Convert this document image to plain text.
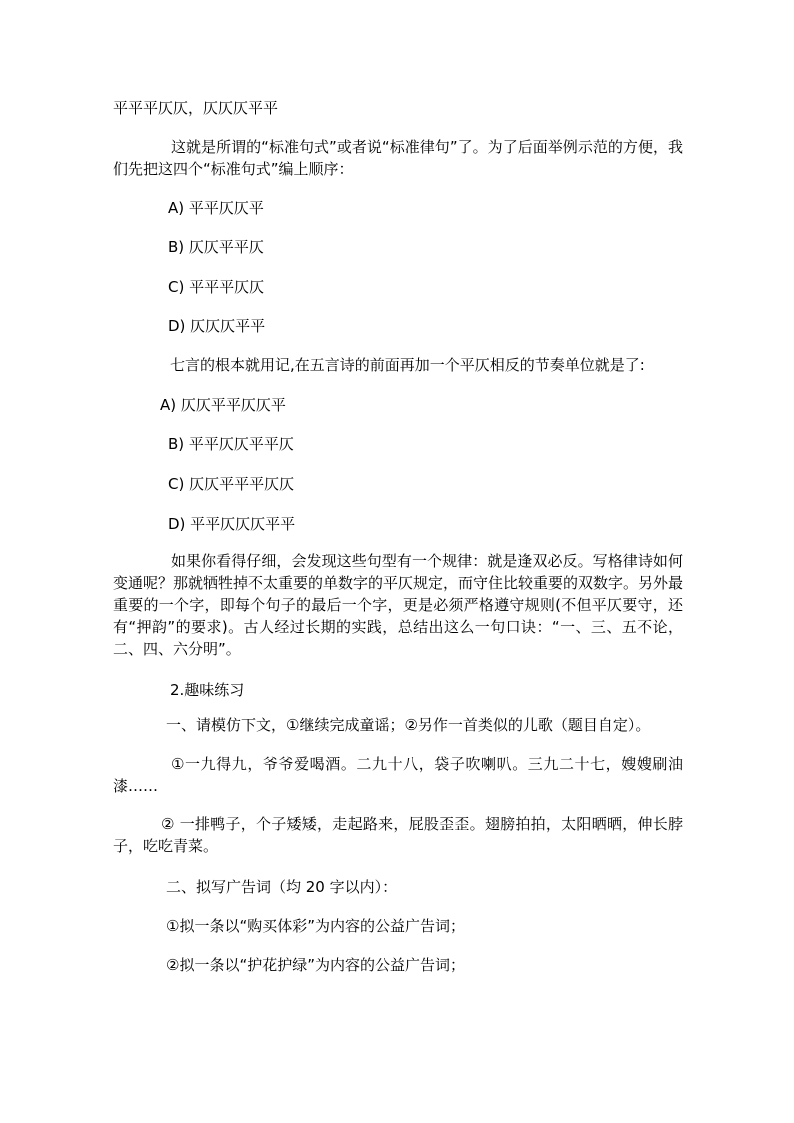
平平平仄仄，仄仄仄平平

这就是所谓的“标准句式”或者说“标准律句”了。为了后面举例示范的方便，我们先把这四个“标准句式”编上顺序：

A) 平平仄仄平

B) 仄仄平平仄

C) 平平平仄仄

D) 仄仄仄平平

七言的根本就用记,在五言诗的前面再加一个平仄相反的节奏单位就是了:

A) 仄仄平平仄仄平

B) 平平仄仄平平仄

C) 仄仄平平平仄仄

D) 平平仄仄仄平平

如果你看得仔细，会发现这些句型有一个规律：就是逢双必反。写格律诗如何变通呢？那就牺牲掉不太重要的单数字的平仄规定，而守住比较重要的双数字。另外最重要的一个字，即每个句子的最后一个字，更是必须严格遵守规则(不但平仄要守，还有“押韵”的要求)。古人经过长期的实践，总结出这么一句口诀：“一、三、五不论，二、四、六分明”。

2.趣味练习

一、请模仿下文，①继续完成童谣；②另作一首类似的儿歌（题目自定）。

①一九得九，爷爷爱喝酒。二九十八，袋子吹喇叭。三九二十七，嫂嫂刷油漆……

② 一排鸭子，个子矮矮，走起路来，屁股歪歪。翅膀拍拍，太阳晒晒，伸长脖子，吃吃青菜。

二、拟写广告词（均 20 字以内）：

①拟一条以“购买体彩”为内容的公益广告词；

②拟一条以“护花护绿”为内容的公益广告词；
